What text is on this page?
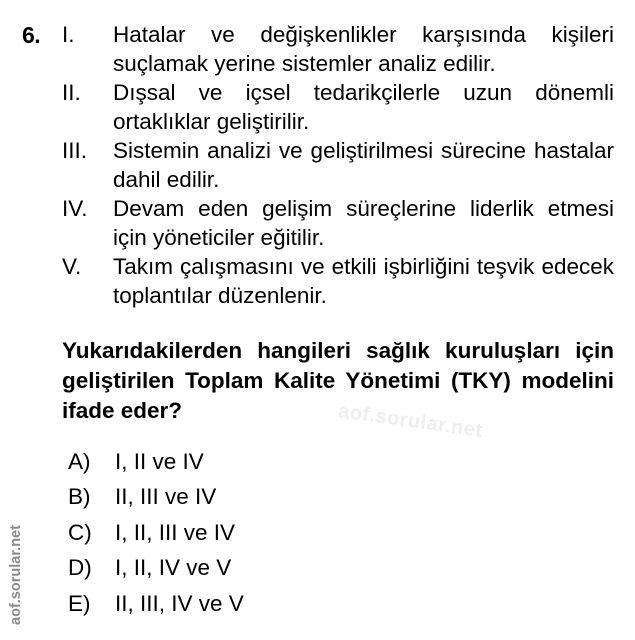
6. I.	Hatalar ve değişkenlikler karşısında kişileri suçlamak yerine sistemler analiz edilir.
II.	Dışsal ve içsel tedarikçilerle uzun dönemli ortaklıklar geliştirilir.
III.	Sistemin analizi ve geliştirilmesi sürecine hastalar dahil edilir.
IV.	Devam eden gelişim süreçlerine liderlik etmesi için yöneticiler eğitilir.
V.	Takım çalışmasını ve etkili işbirliğini teşvik edecek toplantılar düzenlenir.
Yukarıdakilerden hangileri sağlık kuruluşları için geliştirilen Toplam Kalite Yönetimi (TKY) modelini ifade eder?	aof.sorular.net
A) I, II ve IV
B) II, III ve IV
C) I, II, III ve IV
D) I, II, IV ve V
E) II, III, IV ve V
aof.sorular.net
